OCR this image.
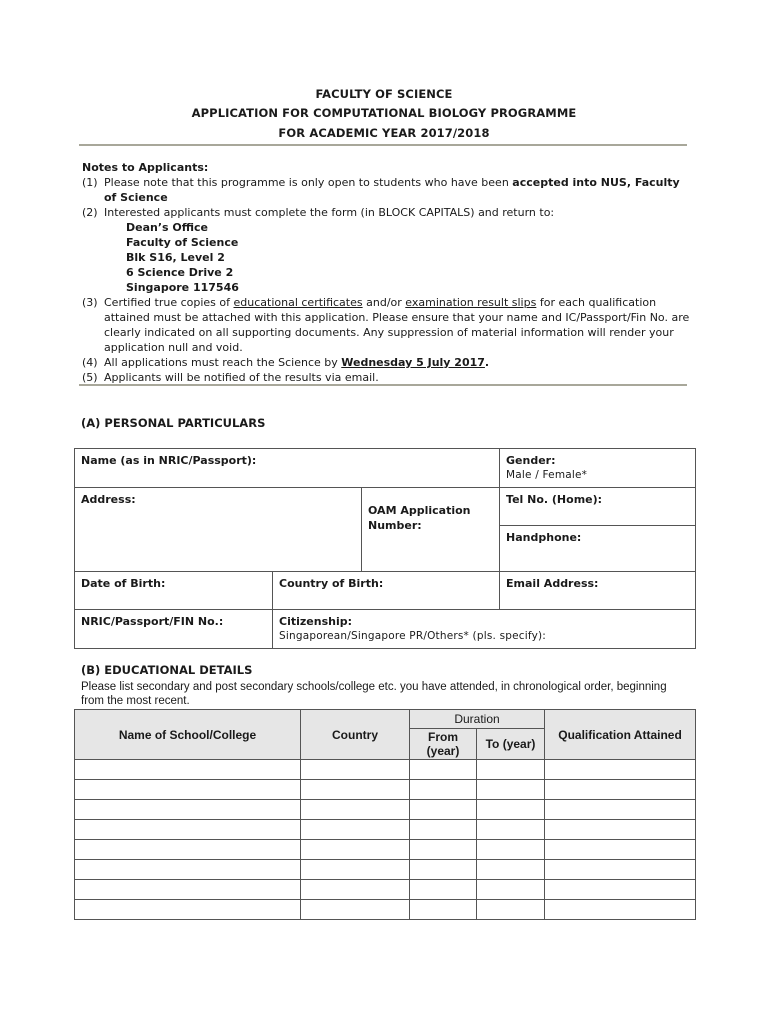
FACULTY OF SCIENCE
APPLICATION FOR COMPUTATIONAL BIOLOGY PROGRAMME
FOR ACADEMIC YEAR 2017/2018
Notes to Applicants:
(1) Please note that this programme is only open to students who have been accepted into NUS, Faculty of Science
(2) Interested applicants must complete the form (in BLOCK CAPITALS) and return to:
Dean’s Office
Faculty of Science
Blk S16, Level 2
6 Science Drive 2
Singapore 117546
(3) Certified true copies of educational certificates and/or examination result slips for each qualification attained must be attached with this application. Please ensure that your name and IC/Passport/Fin No. are clearly indicated on all supporting documents. Any suppression of material information will render your application null and void.
(4) All applications must reach the Science by Wednesday 5 July 2017.
(5) Applicants will be notified of the results via email.
(A) PERSONAL PARTICULARS
Name (as in NRIC/Passport):			Gender:
Male / Female*

Address:		OAM Application Number:	Tel No. (Home):
			Handphone:
Date of Birth:	Country of Birth:		Email Address:
NRIC/Passport/FIN No.:	Citizenship:
Singaporean/Singapore PR/Others* (pls. specify):		
(B) EDUCATIONAL DETAILS
Please list secondary and post secondary schools/college etc. you have attended, in chronological order, beginning from the most recent.
Name of School/College	Country	Duration		Qualification Attained
		From (year)	To (year)	
